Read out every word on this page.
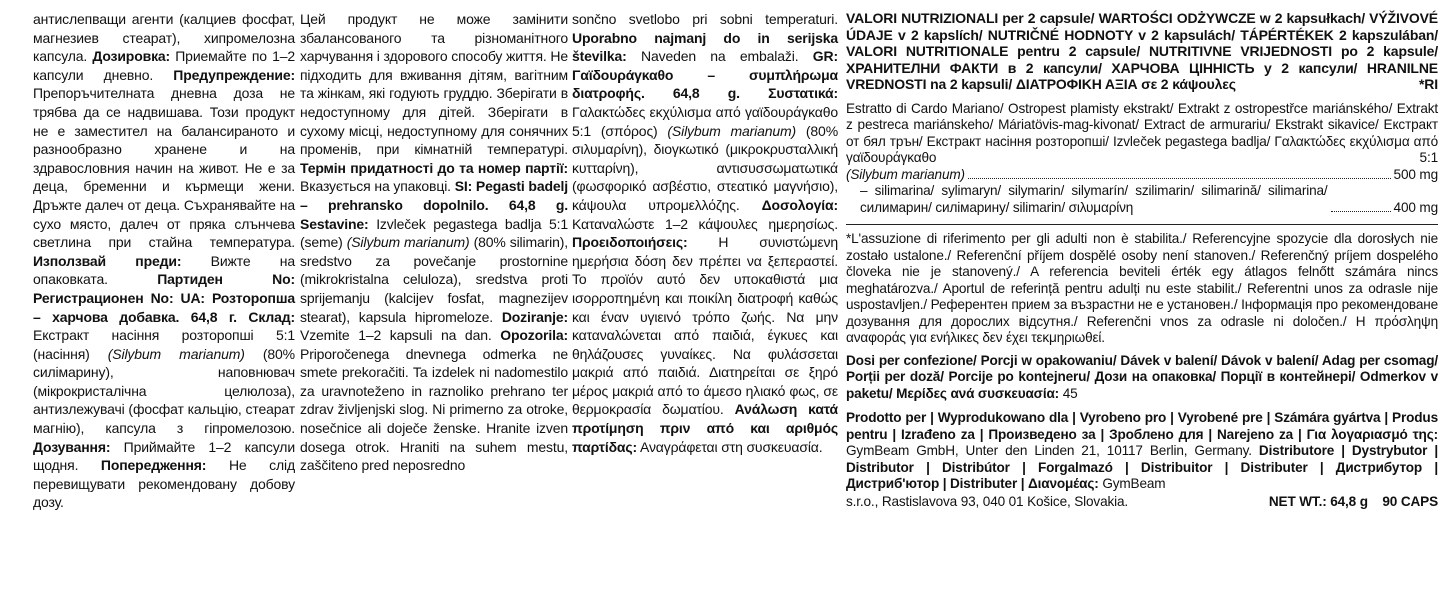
антислепващи агенти (калциев фосфат, магнезиев стеарат), хипромелозна капсула. Дозировка: Приемайте по 1–2 капсули дневно. Предупреждение: Препоръчителната дневна доза не трябва да се надвишава. Този продукт не е заместител на балансираното и разнообразно хранене и на здравословния начин на живот. Не е за деца, бременни и кърмещи жени. Дръжте далеч от деца. Съхранявайте на сухо място, далеч от пряка слънчева светлина при стайна температура. Използвай преди: Вижте на опаковката.	Партиден No: Регистрационен No: UA: Розторопша – харчова добавка. 64,8 г. Склад: Екстракт насіння розторопші 5:1 (насіння) (Silybum marianum) (80% силімарину), наповнювач (мікрокристалічна целюлоза), антизлежувачі (фосфат кальцію, стеарат магнію), капсула з гіпромелозою. Дозування: Приймайте 1–2 капсули щодня. Попередження: Не слід перевищувати рекомендовану добову дозу.
Цей продукт не може замінити збалансованого та різноманітного харчування і здорового способу життя. Не підходить для вживання дітям, вагітним та жінкам, які годують груддю. Зберігати в недоступному для дітей. Зберігати в сухому місці, недоступному для сонячних променів, при кімнатній температурі. Термін придатності до та номер партії: Вказується на упаковці. SI: Pegasti badelj – prehransko dopolnilo. 64,8 g. Sestavine: Izvleček pegastega badlja 5:1 (seme) (Silybum marianum) (80% silimarin), sredstvo za povečanje prostornine (mikrokristalna celuloza), sredstva proti sprijemanju (kalcijev fosfat, magnezijev stearat), kapsula hipromeloze. Doziranje: Vzemite 1–2 kapsuli na dan. Opozorila: Priporočenega dnevnega odmerka ne smete prekoračiti. Ta izdelek ni nadomestilo za uravnoteženo in raznoliko prehrano ter zdrav življenjski slog. Ni primerno za otroke, nosečnice ali doječe ženske. Hranite izven dosega otrok. Hraniti na suhem mestu, zaščiteno pred neposredno
sončno svetlobo pri sobni temperaturi. Uporabno najmanj do in serijska številka: Naveden na embalaži. GR: Γαϊδουράγκαθο – συμπλήρωμα διατροφής. 64,8 g. Συστατικά: Γαλακτώδες εκχύλισμα από γαϊδουράγκαθο 5:1 (σπόρος) (Silybum marianum) (80% σιλυμαρίνη), διογκωτικό (μικροκρυσταλλική κυτταρίνη), αντισυσσωματωτικά (φωσφορικό ασβέστιο, στεατικό μαγνήσιο), κάψουλα υπρομελλόζης. Δοσολογία: Καταναλώστε 1–2 κάψουλες ημερησίως. Προειδοποιήσεις: Η συνιστώμενη ημερήσια δόση δεν πρέπει να ξεπεραστεί. Το προϊόν αυτό δεν υποκαθιστά μια ισορροπημένη και ποικίλη διατροφή καθώς και έναν υγιεινό τρόπο ζωής. Να μην καταναλώνεται από παιδιά, έγκυες και θηλάζουσες γυναίκες. Να φυλάσσεται μακριά από παιδιά. Διατηρείται σε ξηρό μέρος μακριά από το άμεσο ηλιακό φως, σε θερμοκρασία δωματίου. Ανάλωση κατά προτίμηση πριν από και αριθμός παρτίδας: Αναγράφεται στη συσκευασία.
VALORI NUTRIZIONALI per 2 capsule/ WARTOŚCI ODŻYWCZE w 2 kapsułkach/ VÝŽIVOVÉ ÚDAJE v 2 kapslích/ NUTRIČNÉ HODNOTY v 2 kapsulách/ TÁPÉRTÉKEK 2 kapszulában/ VALORI NUTRITIONALE pentru 2 capsule/ NUTRITIVNE VRIJEDNOSTI po 2 kapsule/ ХРАНИТЕЛНИ ФАКТИ в 2 капсули/ ХАРЧОВА ЦІННІСТЬ у 2 капсули/ HRANILNE VREDNOSTI na 2 kapsuli/ ΔΙΑΤΡΟΦΙΚΗ ΑΞΙΑ σε 2 κάψουλες	*RI
Estratto di Cardo Mariano/ Ostropest plamisty ekstrakt/ Extrakt z ostropestřce mariánského/ Extrakt z pestreca mariánskeho/ Máriatövis-mag-kivonat/ Extract de armurariu/ Ekstrakt sikavice/ Екстракт от бял трън/ Екстракт насіння розторопші/ Izvleček pegastega badlja/ Γαλακτώδες εκχύλισμα από γαϊδουράγκαθο 5:1
(Silybum marianum)	500 mg
– silimarina/ sylimaryn/ silymarin/ silymarín/ szilimarin/ silimarină/ silimarina/ силимарин/ силімарину/ silimarin/ σιλυμαρίνη	400 mg
*L'assuzione di riferimento per gli adulti non è stabilita./ Referencyjne spozycie dla dorosłych nie zostało ustalone./ Referenční příjem dospělé osoby není stanoven./ Referenčný príjem dospelého človeka nie je stanovený./ A referencia beviteli érték egy átlagos felnőtt számára nincs meghatározva./ Aportul de referință pentru adulți nu este stabilit./ Referentni unos za odrasle nije uspostavljen./ Референтен прием за възрастни не е установен./ Інформація про рекомендоване дозування для дорослих відсутня./ Referenčni vnos za odrasle ni določen./ Η πρόσληψη αναφοράς για ενήλικες δεν έχει τεκμηριωθεί.
Dosi per confezione/ Porcji w opakowaniu/ Dávek v balení/ Dávok v balení/ Adag per csomag/ Porții per doză/ Porcije po kontejneru/ Дози на опаковка/ Порції в контейнері/ Odmerkov v paketu/ Μερίδες ανά συσκευασία: 45
Prodotto per | Wyprodukowano dla | Vyrobeno pro | Vyrobené pre | Számára gyártva | Produs pentru | Izrađeno za | Произведено за | Зроблено для | Narejeno za | Για λογαριασμό της: GymBeam GmbH, Unter den Linden 21, 10117 Berlin, Germany. Distributore | Dystrybutor | Distributor | Distribútor | Forgalmazó | Distribuitor | Distributer | Дистрибутор | Дистриб'ютор | Distributer | Διανομέας: GymBeam
s.r.o., Rastislavova 93, 040 01 Košice, Slovakia.	NET WT.: 64,8 g 90 CAPS
